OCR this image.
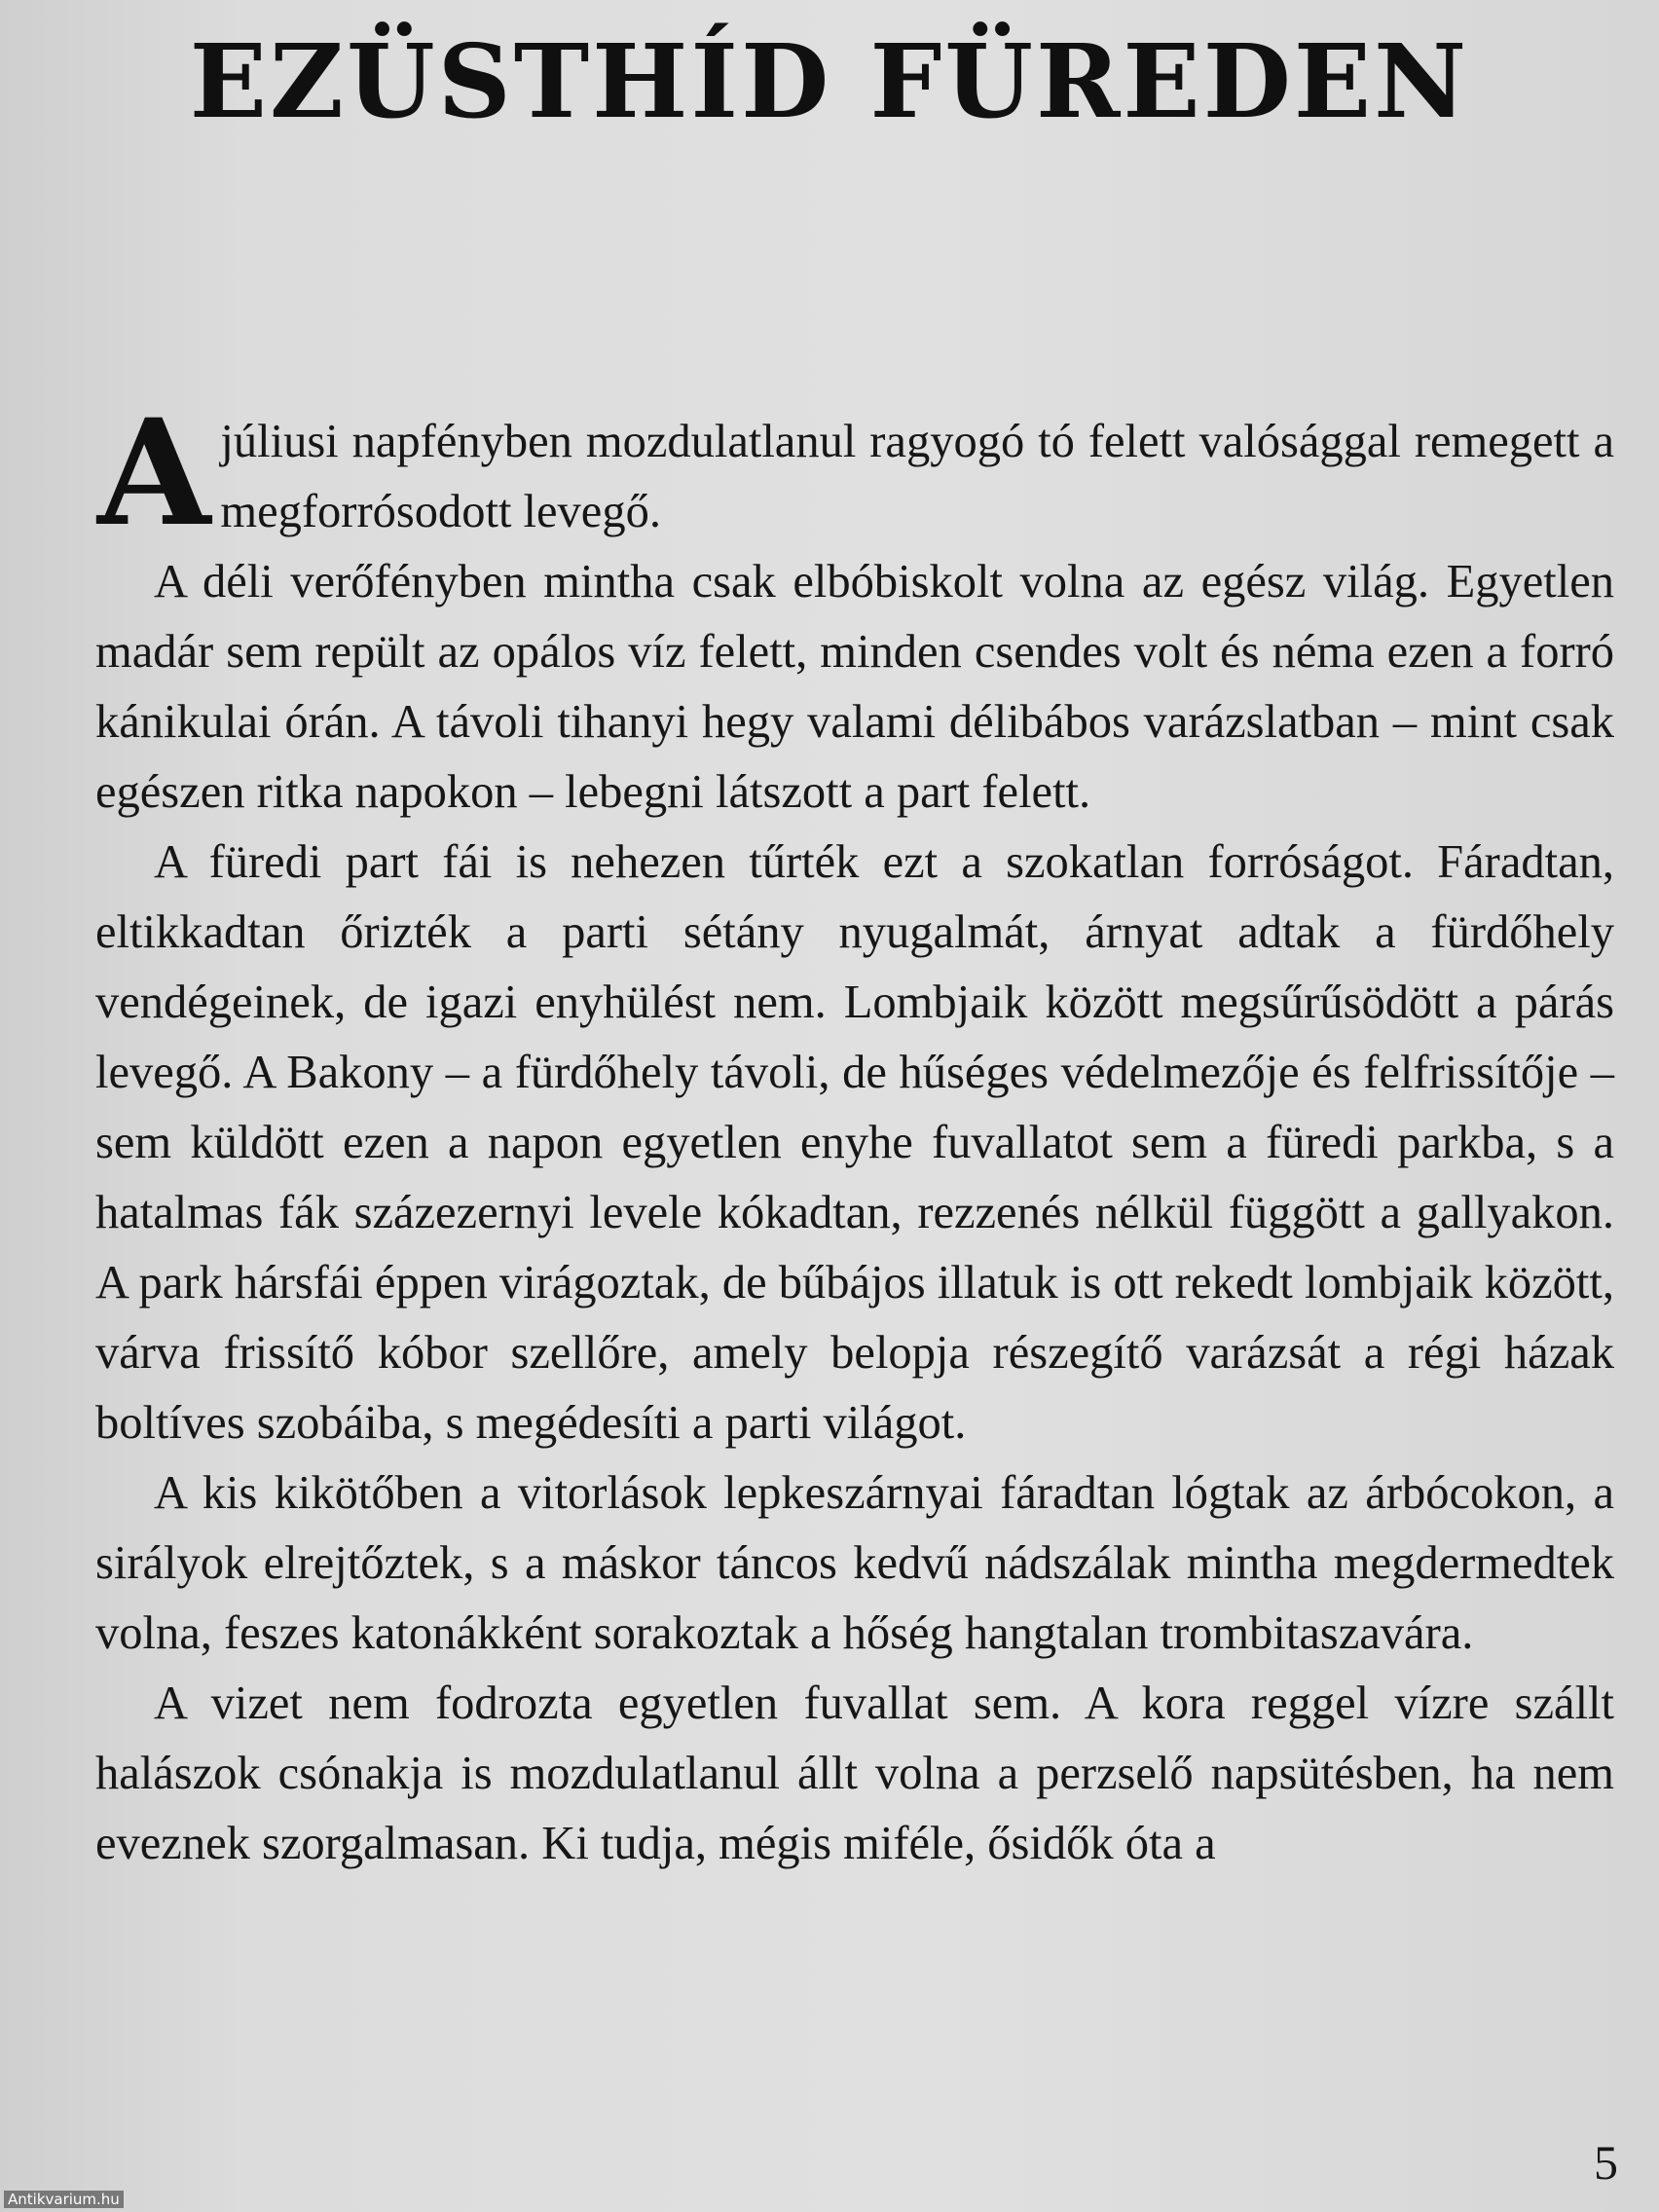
EZÜSTHÍD FÜREDEN

Ajúliusi napfényben mozdulatlanul ragyogó tó felett valósággal remegett a megforrósodott levegő.

A déli verőfényben mintha csak elbóbiskolt volna az egész világ. Egyetlen madár sem repült az opálos víz felett, minden csendes volt és néma ezen a forró kánikulai órán. A távoli tihanyi hegy valami délibábos varázslatban – mint csak egészen ritka napokon – lebegni látszott a part felett.

A füredi part fái is nehezen tűrték ezt a szokatlan forróságot. Fáradtan, eltikkadtan őrizték a parti sétány nyugalmát, árnyat adtak a fürdőhely vendégeinek, de igazi enyhülést nem. Lombjaik között megsűrűsödött a párás levegő. A Bakony – a fürdőhely távoli, de hűséges védelmezője és felfrissítője – sem küldött ezen a napon egyetlen enyhe fuvallatot sem a füredi parkba, s a hatalmas fák százezernyi levele kókadtan, rezzenés nélkül függött a gallyakon. A park hársfái éppen virágoztak, de bűbájos illatuk is ott rekedt lombjaik között, várva frissítő kóbor szellőre, amely belopja részegítő varázsát a régi házak boltíves szobáiba, s megédesíti a parti világot.

A kis kikötőben a vitorlások lepkeszárnyai fáradtan lógtak az árbócokon, a sirályok elrejtőztek, s a máskor táncos kedvű nádszálak mintha megdermedtek volna, feszes katonákként sorakoztak a hőség hangtalan trombitaszavára.

A vizet nem fodrozta egyetlen fuvallat sem. A kora reggel vízre szállt halászok csónakja is mozdulatlanul állt volna a perzselő napsütésben, ha nem eveznek szorgalmasan. Ki tudja, mégis miféle, ősidők óta a

5

Antikvarium.hu
